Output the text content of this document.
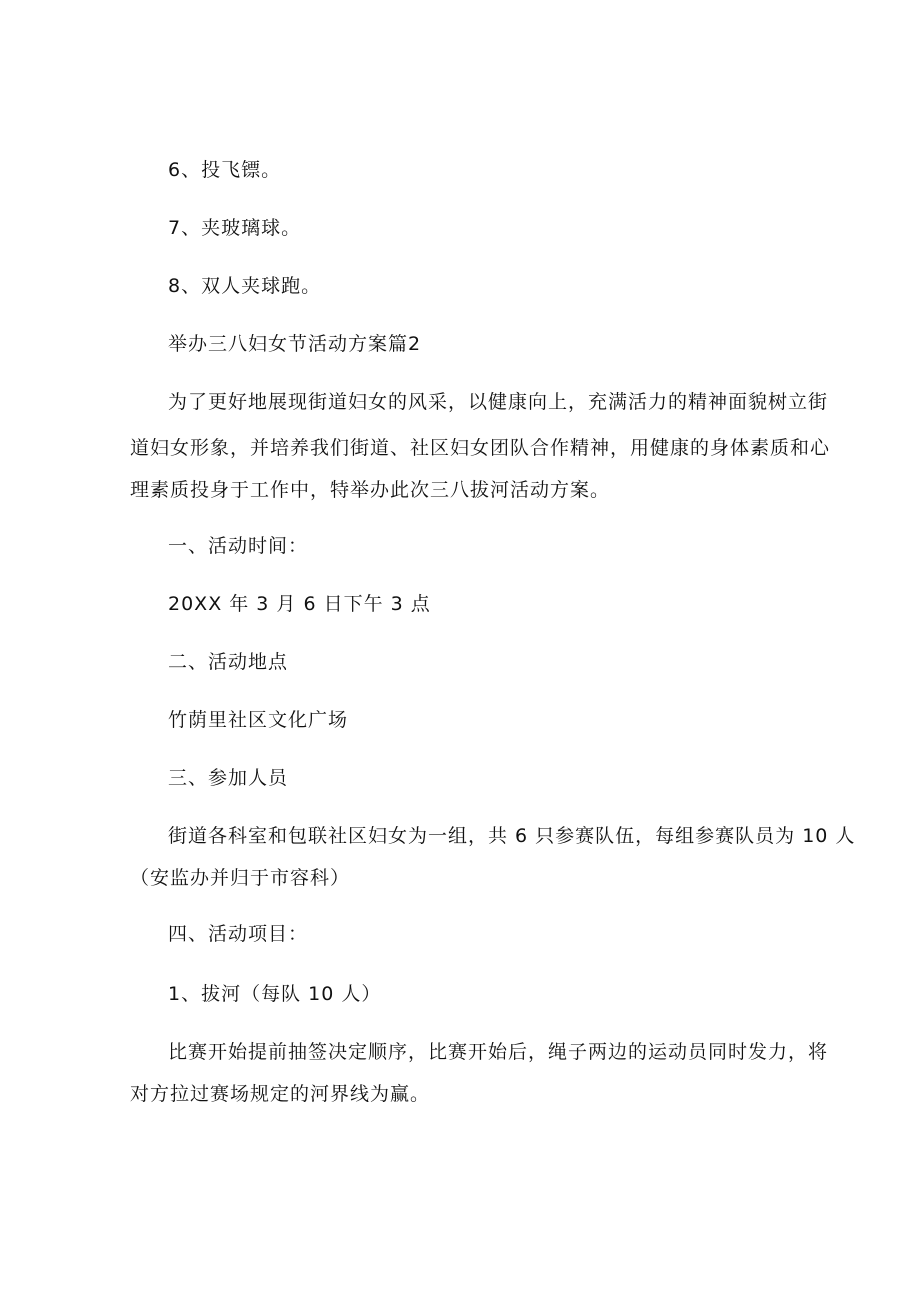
6、投飞镖。
7、夹玻璃球。
8、双人夹球跑。
举办三八妇女节活动方案篇2
为了更好地展现街道妇女的风采，以健康向上，充满活力的精神面貌树立街
道妇女形象，并培养我们街道、社区妇女团队合作精神，用健康的身体素质和心
理素质投身于工作中，特举办此次三八拔河活动方案。
一、活动时间：
20XX 年 3 月 6 日下午 3 点
二、活动地点
竹荫里社区文化广场
三、参加人员
街道各科室和包联社区妇女为一组，共 6 只参赛队伍，每组参赛队员为 10 人
（安监办并归于市容科）
四、活动项目：
1、拔河（每队 10 人）
比赛开始提前抽签决定顺序，比赛开始后，绳子两边的运动员同时发力，将
对方拉过赛场规定的河界线为赢。
